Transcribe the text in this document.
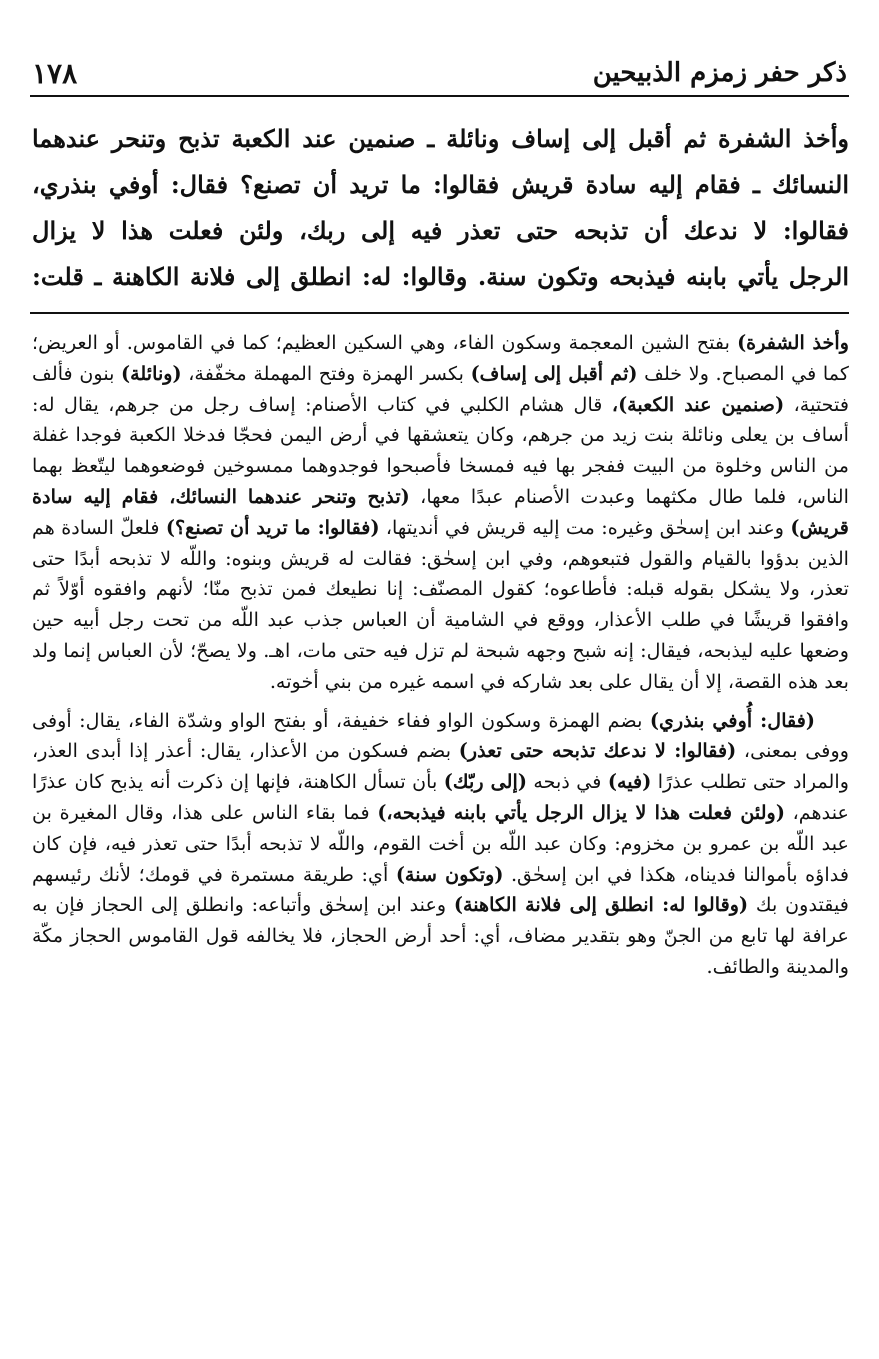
ذكر حفر زمزم الذبيحين
١٧٨
وأخذ الشفرة ثم أقبل إلى إساف ونائلة ـ صنمين عند الكعبة تذبح وتنحر عندهما
النسائك ـ فقام إليه سادة قريش فقالوا: ما تريد أن تصنع؟ فقال: أوفي بنذري،
فقالوا: لا ندعك أن تذبحه حتى تعذر فيه إلى ربك، ولئن فعلت هذا لا يزال
الرجل يأتي بابنه فيذبحه وتكون سنة. وقالوا: له: انطلق إلى فلانة الكاهنة ـ قلت:

وأخذ الشفرة) بفتح الشين المعجمة وسكون الفاء، وهي السكين العظيم؛ كما في القاموس. أو العريض؛ كما في المصباح. ولا خلف (ثم أقبل إلى إساف) بكسر الهمزة وفتح المهملة مخفّفة، (ونائلة) بنون فألف فتحتية، (صنمين عند الكعبة)، قال هشام الكلبي في كتاب الأصنام: إساف رجل من جرهم، يقال له: أساف بن يعلى ونائلة بنت زيد من جرهم، وكان يتعشقها في أرض اليمن فحجّا فدخلا الكعبة فوجدا غفلة من الناس وخلوة من البيت ففجر بها فيه فمسخا فأصبحوا فوجدوهما ممسوخين فوضعوهما ليتّعظ بهما الناس، فلما طال مكثهما وعبدت الأصنام عبدًا معها، (تذبح وتنحر عندهما النسائك، فقام إليه سادة قريش) وعند ابن إسحٰق وغيره: مت إليه قريش في أنديتها، (فقالوا: ما تريد أن تصنع؟) فلعلّ السادة هم الذين بدؤوا بالقيام والقول فتبعوهم، وفي ابن إسحٰق: فقالت له قريش وبنوه: واللّه لا تذبحه أبدًا حتى تعذر، ولا يشكل بقوله قبله: فأطاعوه؛ كقول المصنّف: إنا نطيعك فمن تذبح منّا؛ لأنهم وافقوه أوّلاً ثم وافقوا قريشًا في طلب الأعذار، ووقع في الشامية أن العباس جذب عبد اللّه من تحت رجل أبيه حين وضعها عليه ليذبحه، فيقال: إنه شبح وجهه شبحة لم تزل فيه حتى مات، اهـ. ولا يصحّ؛ لأن العباس إنما ولد بعد هذه القصة، إلا أن يقال على بعد شاركه في اسمه غيره من بني أخوته.

(فقال: أُوفي بنذري) بضم الهمزة وسكون الواو ففاء خفيفة، أو بفتح الواو وشدّة الفاء، يقال: أوفى ووفى بمعنى، (فقالوا: لا ندعك تذبحه حتى تعذر) بضم فسكون من الأعذار، يقال: أعذر إذا أبدى العذر، والمراد حتى تطلب عذرًا (فيه) في ذبحه (إلى ربّك) بأن تسأل الكاهنة، فإنها إن ذكرت أنه يذبح كان عذرًا عندهم، (ولئن فعلت هذا لا يزال الرجل يأتي بابنه فيذبحه،) فما بقاء الناس على هذا، وقال المغيرة بن عبد اللّه بن عمرو بن مخزوم: وكان عبد اللّه بن أخت القوم، واللّه لا تذبحه أبدًا حتى تعذر فيه، فإن كان فداؤه بأموالنا فديناه، هكذا في ابن إسحٰق. (وتكون سنة) أي: طريقة مستمرة في قومك؛ لأنك رئيسهم فيقتدون بك (وقالوا له: انطلق إلى فلانة الكاهنة) وعند ابن إسحٰق وأتباعه: وانطلق إلى الحجاز فإن به عرافة لها تابع من الجنّ وهو بتقدير مضاف، أي: أحد أرض الحجاز، فلا يخالفه قول القاموس الحجاز مكّة والمدينة والطائف.
